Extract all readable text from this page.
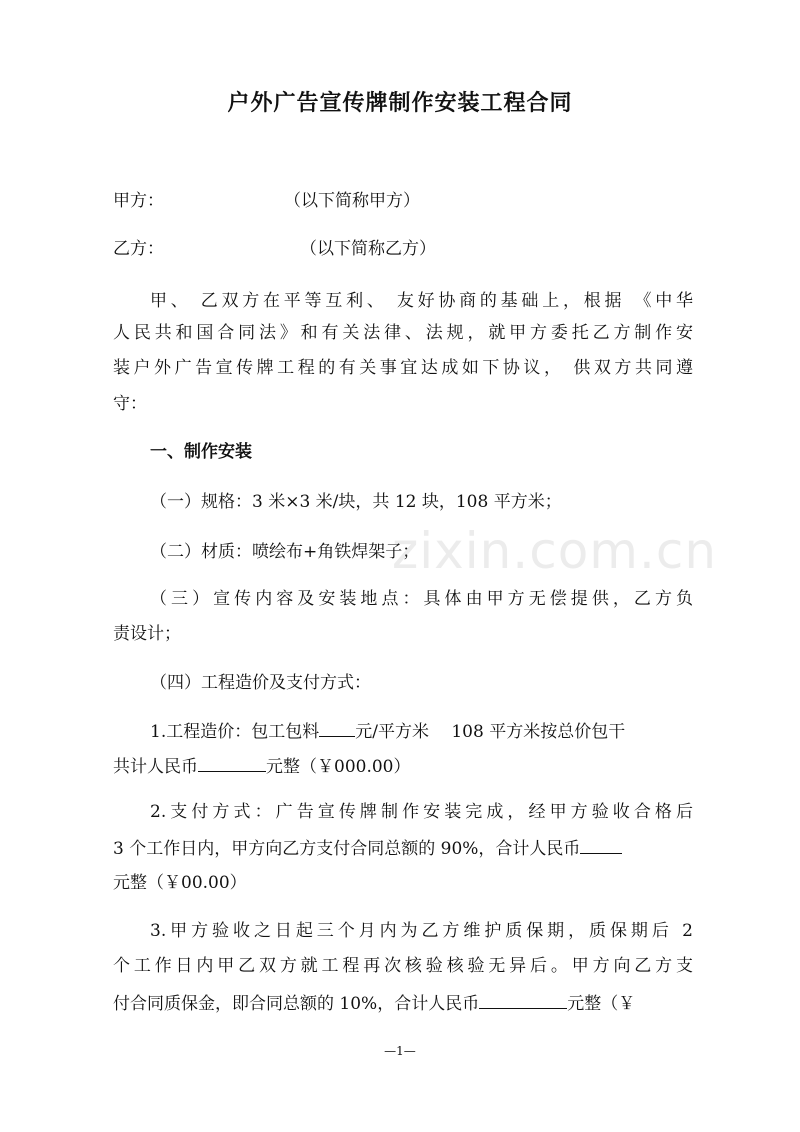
户外广告宣传牌制作安装工程合同
甲方：	（以下简称甲方）
乙方：	（以下简称乙方）
甲、 乙双方在平等互利、 友好协商的基础上，根据 《中华
人民共和国合同法》和有关法律、法规，就甲方委托乙方制作安
装户外广告宣传牌工程的有关事宜达成如下协议， 供双方共同遵
守：
一、制作安装
（一）规格：3 米×3 米/块，共 12 块，108 平方米；
（二）材质：喷绘布+角铁焊架子；
（三）宣传内容及安装地点：具体由甲方无偿提供，乙方负
责设计；
（四）工程造价及支付方式：
1.工程造价：包工包料 元/平方米　 108 平方米按总价包干
共计人民币	元整（￥000.00）
2.支付方式：广告宣传牌制作安装完成，经甲方验收合格后
3 个工作日内，甲方向乙方支付合同总额的 90%，合计人民币
元整（￥00.00）
3.甲方验收之日起三个月内为乙方维护质保期，质保期后 2
个工作日内甲乙双方就工程再次核验核验无异后。甲方向乙方支
付合同质保金，即合同总额的 10%，合计人民币	元整（￥
zixin.com.cn
—1—
